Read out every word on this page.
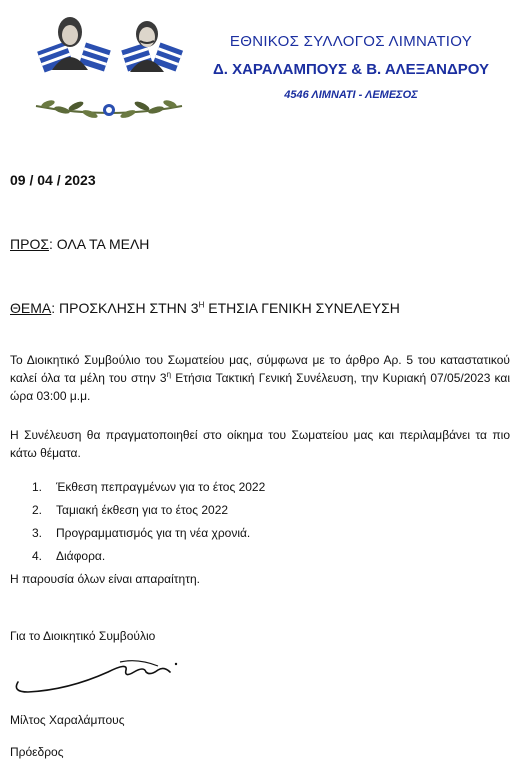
ΕΘΝΙΚΟΣ ΣΥΛΛΟΓΟΣ ΛΙΜΝΑΤΙΟΥ
Δ. ΧΑΡΑΛΑΜΠΟΥΣ & Β. ΑΛΕΞΑΝΔΡΟΥ
4546 ΛΙΜΝΑΤΙ - ΛΕΜΕΣΟΣ
09 / 04 / 2023
ΠΡΟΣ: ΟΛΑ ΤΑ ΜΕΛΗ
ΘΕΜΑ: ΠΡΟΣΚΛΗΣΗ ΣΤΗΝ $3^H$ ΕΤΗΣΙΑ ΓΕΝΙΚΗ ΣΥΝΕΛΕΥΣΗ
Το Διοικητικό Συμβούλιο του Σωματείου μας, σύμφωνα με το άρθρο Αρ. 5 του καταστατικού καλεί όλα τα μέλη του στην $3^\eta$ Ετήσια Τακτική Γενική Συνέλευση, την Κυριακή 07/05/2023 και ώρα 03:00 μ.μ.
Η Συνέλευση θα πραγματοποιηθεί στο οίκημα του Σωματείου μας και περιλαμβάνει τα πιο κάτω θέματα.
1.	Έκθεση πεπραγμένων για το έτος 2022
2.	Ταμιακή έκθεση για το έτος 2022
3.	Προγραμματισμός για τη νέα χρονιά.
4.	Διάφορα.
Η παρουσία όλων είναι απαραίτητη.
Για το Διοικητικό Συμβούλιο
Μίλτος Χαραλάμπους
Πρόεδρος
